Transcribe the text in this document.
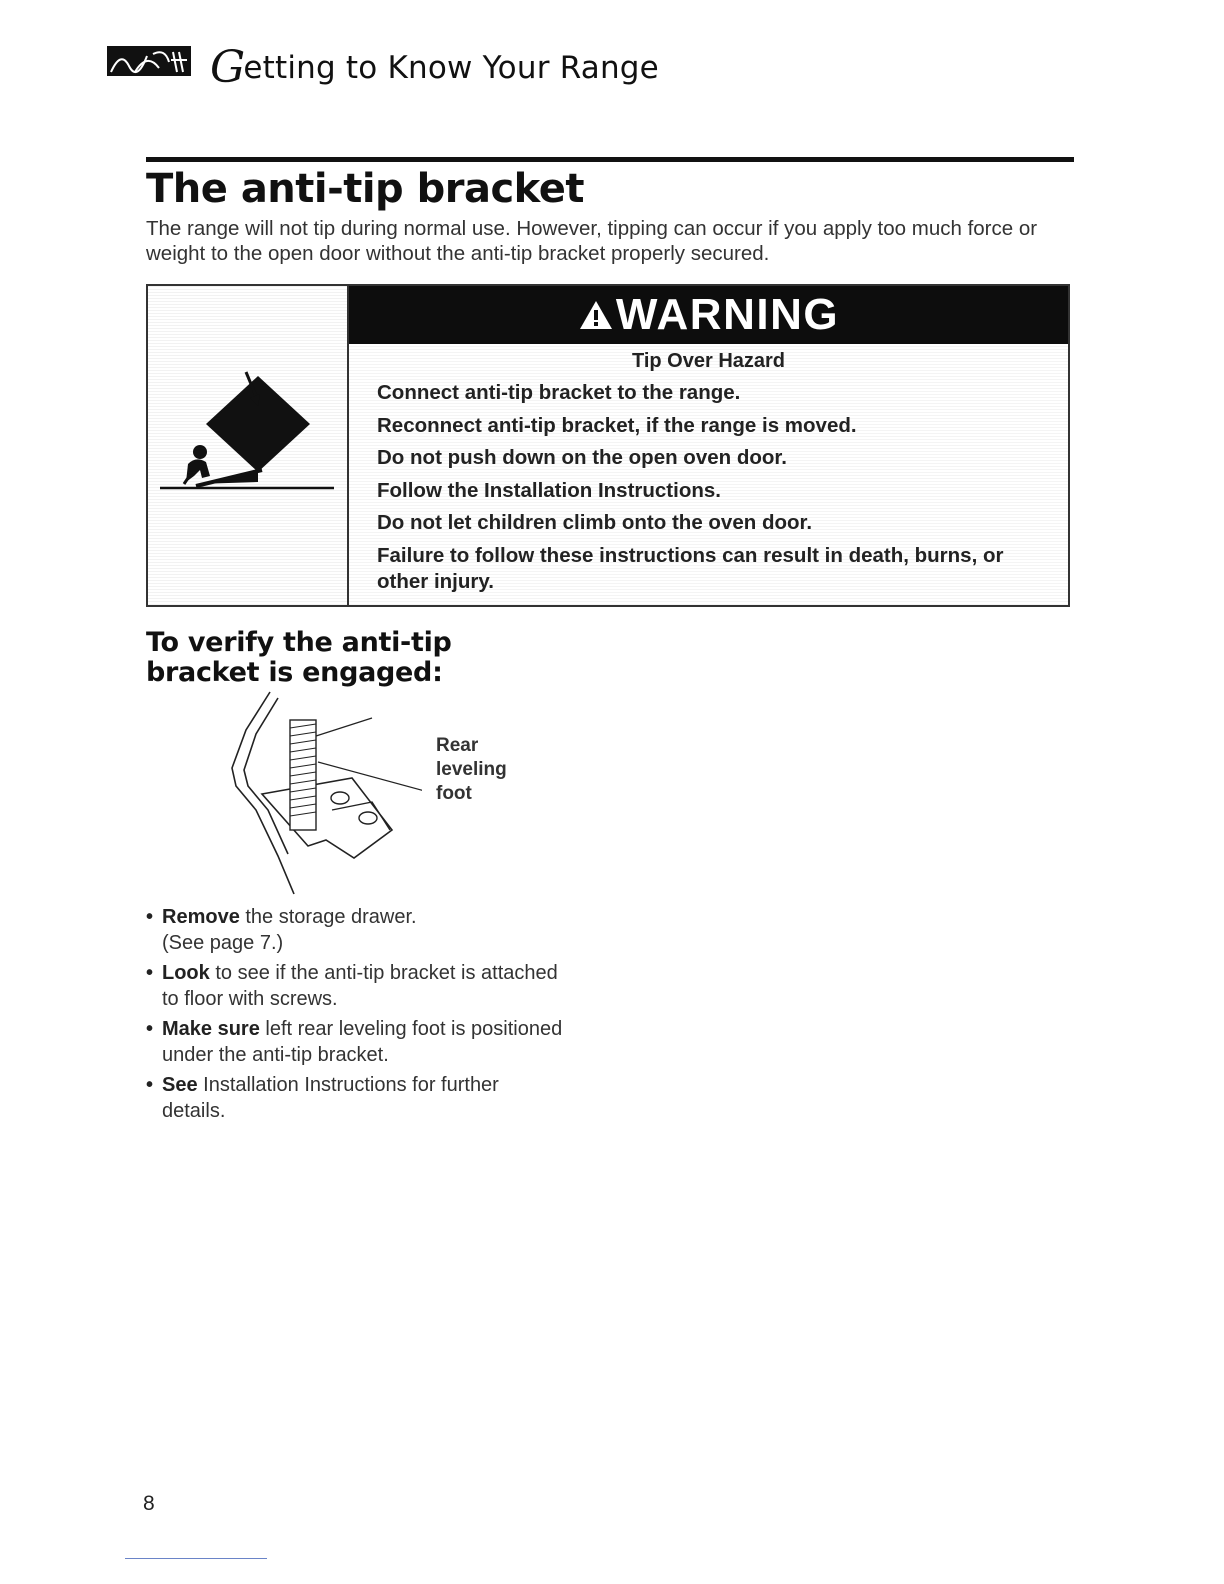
Getting to Know Your Range
The anti-tip bracket
The range will not tip during normal use. However, tipping can occur if you apply too much force or weight to the open door without the anti-tip bracket properly secured.
WARNING
Tip Over Hazard
Connect anti-tip bracket to the range.
Reconnect anti-tip bracket, if the range is moved.
Do not push down on the open oven door.
Follow the Installation Instructions.
Do not let children climb onto the oven door.
Failure to follow these instructions can result in death, burns, or other injury.
To verify the anti-tip bracket is engaged:
Rear
leveling
foot
• Remove the storage drawer.
(See page 7.)
• Look to see if the anti-tip bracket is attached to floor with screws.
• Make sure left rear leveling foot is positioned under the anti-tip bracket.
• See Installation Instructions for further details.
8
